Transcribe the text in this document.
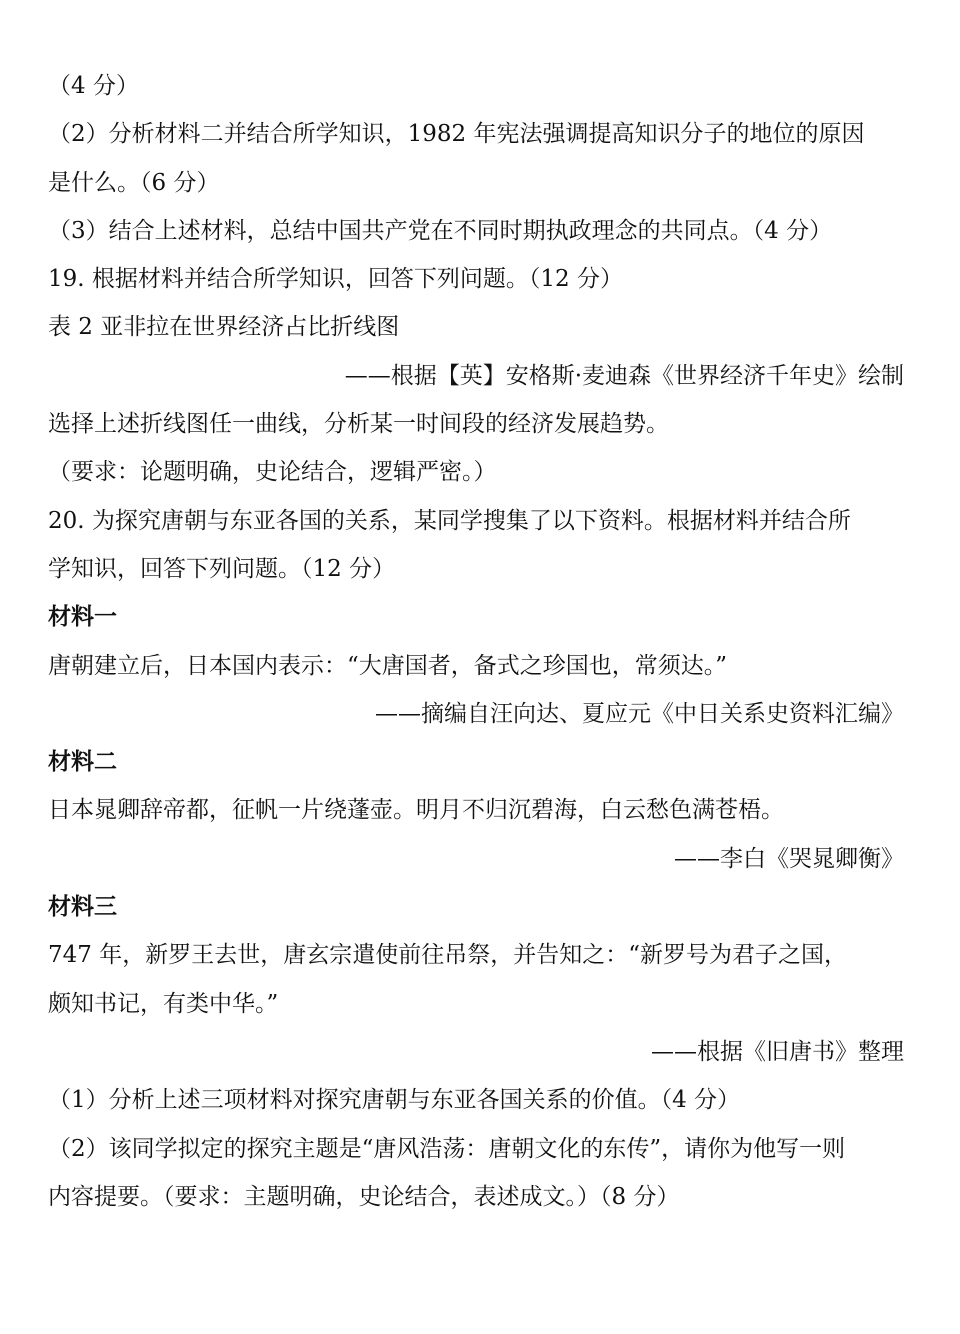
（4 分）
（2）分析材料二并结合所学知识，1982 年宪法强调提高知识分子的地位的原因
是什么。（6 分）
（3）结合上述材料，总结中国共产党在不同时期执政理念的共同点。（4 分）
19. 根据材料并结合所学知识，回答下列问题。（12 分）
表 2 亚非拉在世界经济占比折线图
——根据【英】安格斯·麦迪森《世界经济千年史》绘制
选择上述折线图任一曲线，分析某一时间段的经济发展趋势。
（要求：论题明确，史论结合，逻辑严密。）
20. 为探究唐朝与东亚各国的关系，某同学搜集了以下资料。根据材料并结合所
学知识，回答下列问题。（12 分）
材料一
唐朝建立后，日本国内表示：“大唐国者，备式之珍国也，常须达。”
——摘编自汪向达、夏应元《中日关系史资料汇编》
材料二
日本晁卿辞帝都，征帆一片绕蓬壶。明月不归沉碧海，白云愁色满苍梧。
——李白《哭晁卿衡》
材料三
747 年，新罗王去世，唐玄宗遣使前往吊祭，并告知之：“新罗号为君子之国，
颇知书记，有类中华。”
——根据《旧唐书》整理
（1）分析上述三项材料对探究唐朝与东亚各国关系的价值。（4 分）
（2）该同学拟定的探究主题是“唐风浩荡：唐朝文化的东传”，请你为他写一则
内容提要。（要求：主题明确，史论结合，表述成文。）（8 分）
